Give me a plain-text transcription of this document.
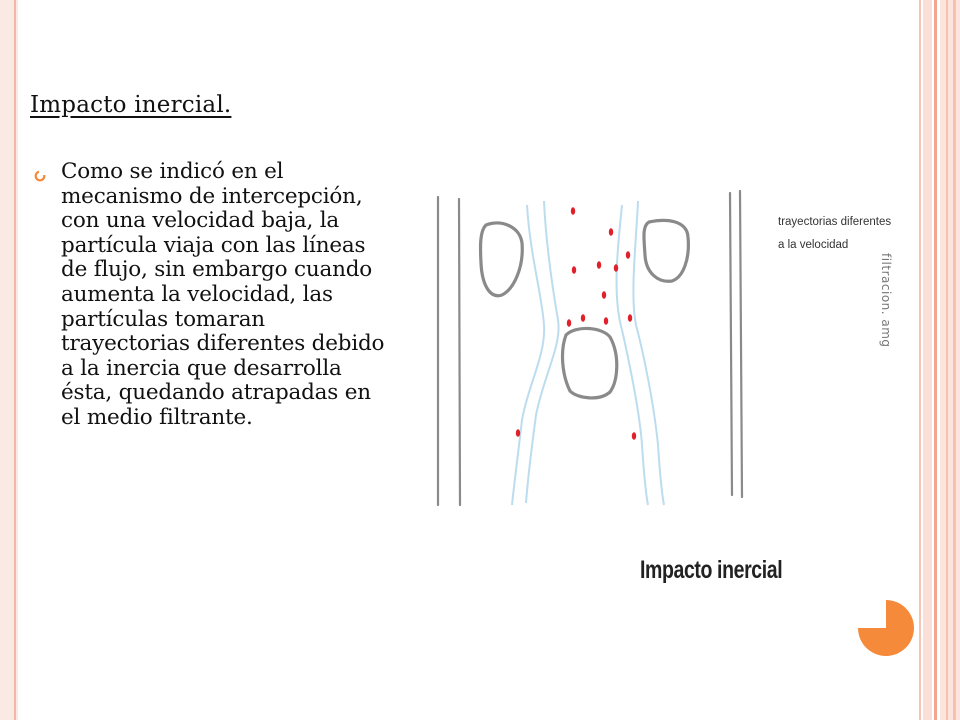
Impacto inercial.
Como se indicó en el mecanismo de intercepción, con una velocidad baja, la partícula viaja con las líneas de flujo, sin embargo cuando aumenta la velocidad, las partículas tomaran trayectorias diferentes debido a la inercia que desarrolla ésta, quedando atrapadas en el medio filtrante.
filtracion. amg
trayectorias diferentes a la velocidad
Impacto inercial
